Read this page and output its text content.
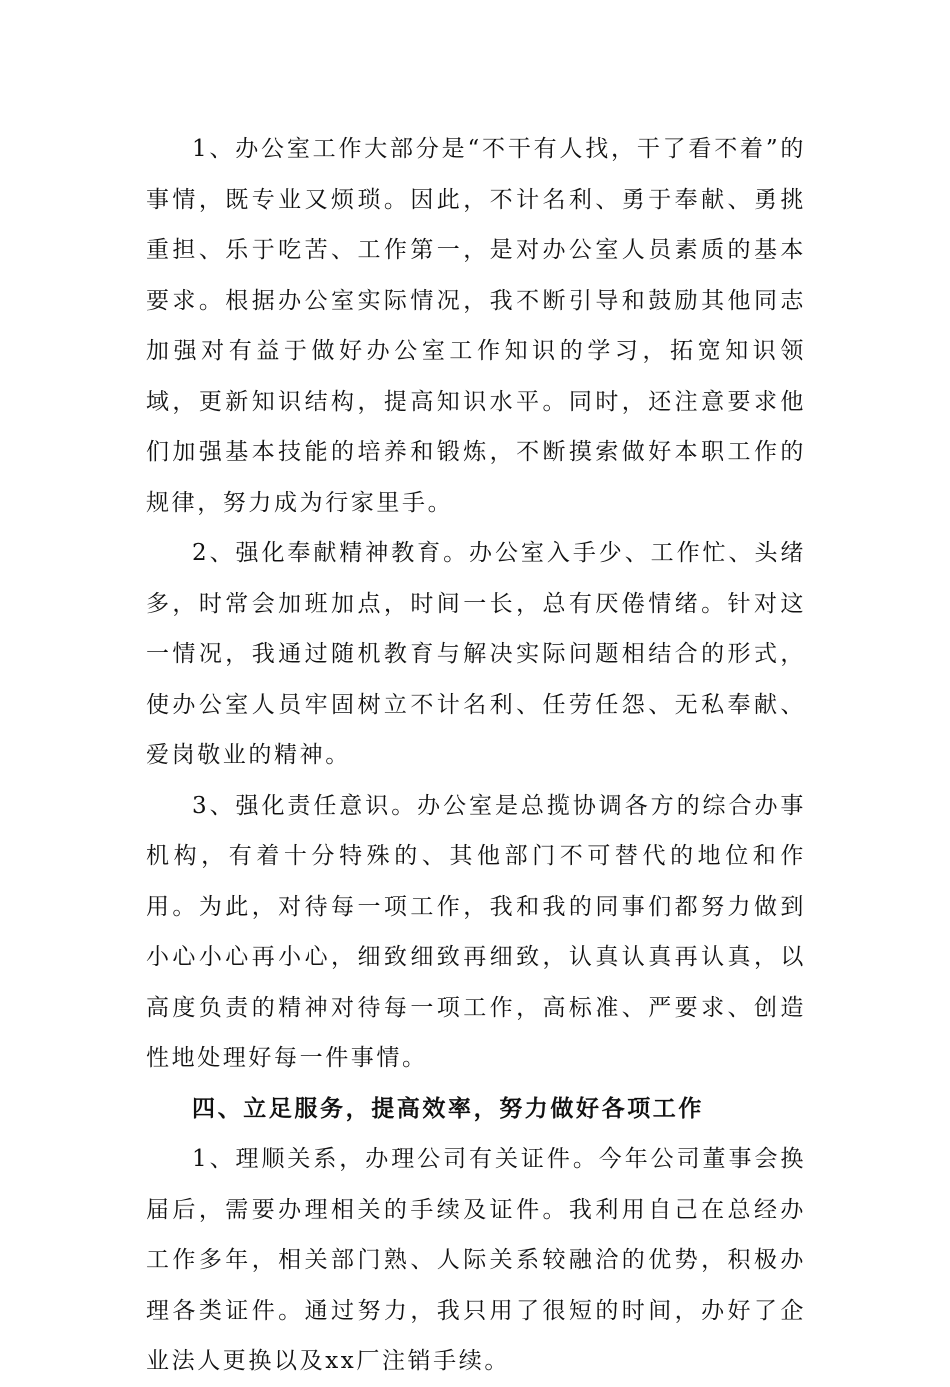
1、办公室工作大部分是“不干有人找，干了看不着”的事情，既专业又烦琐。因此，不计名利、勇于奉献、勇挑重担、乐于吃苦、工作第一，是对办公室人员素质的基本要求。根据办公室实际情况，我不断引导和鼓励其他同志加强对有益于做好办公室工作知识的学习，拓宽知识领域，更新知识结构，提高知识水平。同时，还注意要求他们加强基本技能的培养和锻炼，不断摸索做好本职工作的规律，努力成为行家里手。

2、强化奉献精神教育。办公室入手少、工作忙、头绪多，时常会加班加点，时间一长，总有厌倦情绪。针对这一情况，我通过随机教育与解决实际问题相结合的形式，使办公室人员牢固树立不计名利、任劳任怨、无私奉献、爱岗敬业的精神。

3、强化责任意识。办公室是总揽协调各方的综合办事机构，有着十分特殊的、其他部门不可替代的地位和作用。为此，对待每一项工作，我和我的同事们都努力做到小心小心再小心，细致细致再细致，认真认真再认真，以高度负责的精神对待每一项工作，高标准、严要求、创造性地处理好每一件事情。

四、立足服务，提高效率，努力做好各项工作

1、理顺关系，办理公司有关证件。今年公司董事会换届后，需要办理相关的手续及证件。我利用自己在总经办工作多年，相关部门熟、人际关系较融洽的优势，积极办理各类证件。通过努力，我只用了很短的时间，办好了企业法人更换以及xx厂注销手续。
